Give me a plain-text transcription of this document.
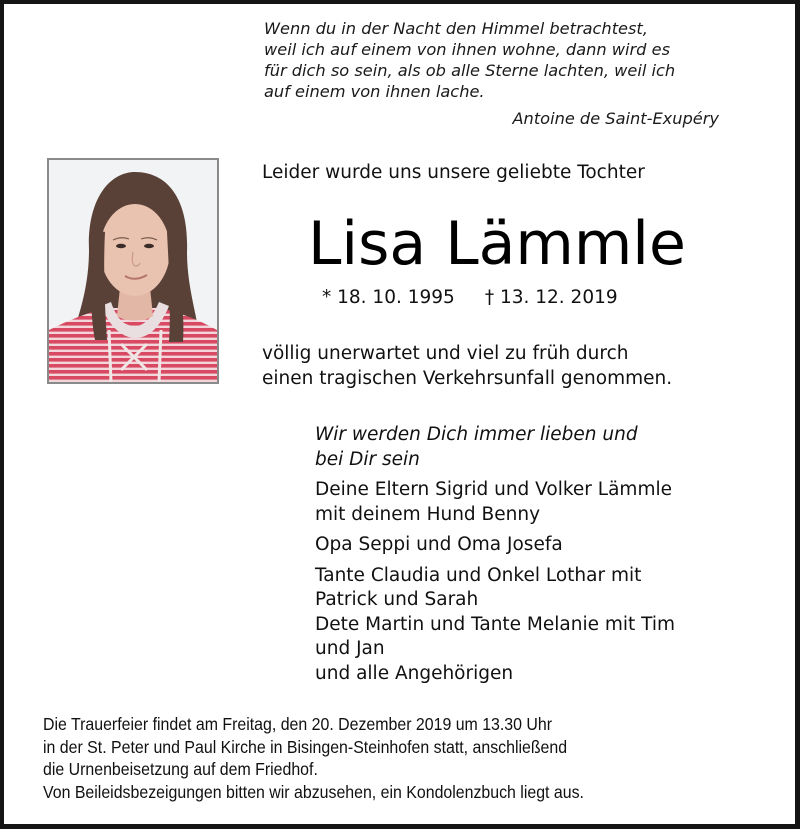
Wenn du in der Nacht den Himmel betrachtest,
weil ich auf einem von ihnen wohne, dann wird es
für dich so sein, als ob alle Sterne lachten, weil ich
auf einem von ihnen lache.
Antoine de Saint-Exupéry
Leider wurde uns unsere geliebte Tochter
Lisa Lämmle
* 18. 10. 1995 † 13. 12. 2019
völlig unerwartet und viel zu früh durch
einen tragischen Verkehrsunfall genommen.
Wir werden Dich immer lieben und
bei Dir sein
Deine Eltern Sigrid und Volker Lämmle
mit deinem Hund Benny
Opa Seppi und Oma Josefa
Tante Claudia und Onkel Lothar mit
Patrick und Sarah
Dete Martin und Tante Melanie mit Tim
und Jan
und alle Angehörigen
Die Trauerfeier findet am Freitag, den 20. Dezember 2019 um 13.30 Uhr
in der St. Peter und Paul Kirche in Bisingen-Steinhofen statt, anschließend
die Urnenbeisetzung auf dem Friedhof.
Von Beileidsbezeigungen bitten wir abzusehen, ein Kondolenzbuch liegt aus.
